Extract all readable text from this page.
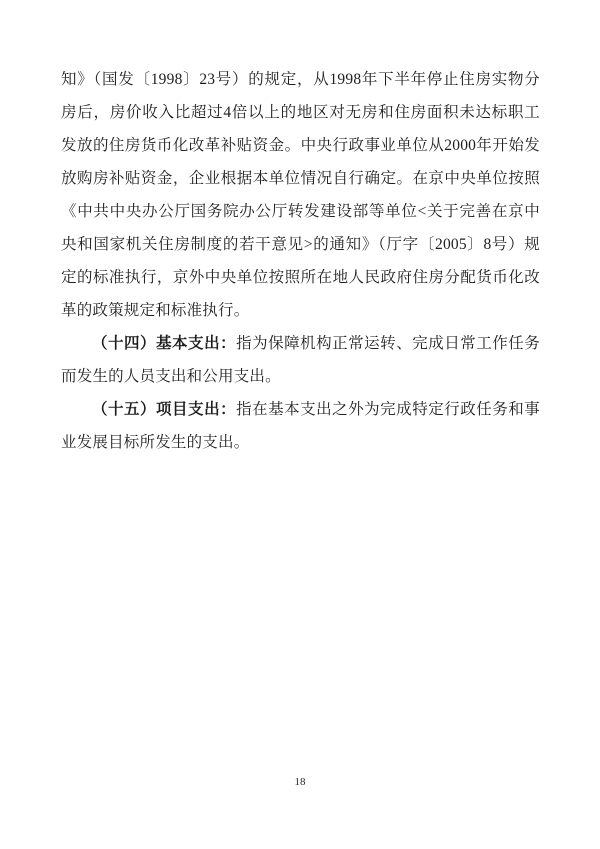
知》（国发〔1998〕23号）的规定，从1998年下半年停止住房实物分
房后，房价收入比超过4倍以上的地区对无房和住房面积未达标职工
发放的住房货币化改革补贴资金。中央行政事业单位从2000年开始发
放购房补贴资金，企业根据本单位情况自行确定。在京中央单位按照
《中共中央办公厅国务院办公厅转发建设部等单位<关于完善在京中
央和国家机关住房制度的若干意见>的通知》（厅字〔2005〕8号）规
定的标准执行，京外中央单位按照所在地人民政府住房分配货币化改
革的政策规定和标准执行。
（十四）基本支出：指为保障机构正常运转、完成日常工作任务
而发生的人员支出和公用支出。
（十五）项目支出：指在基本支出之外为完成特定行政任务和事
业发展目标所发生的支出。
18
